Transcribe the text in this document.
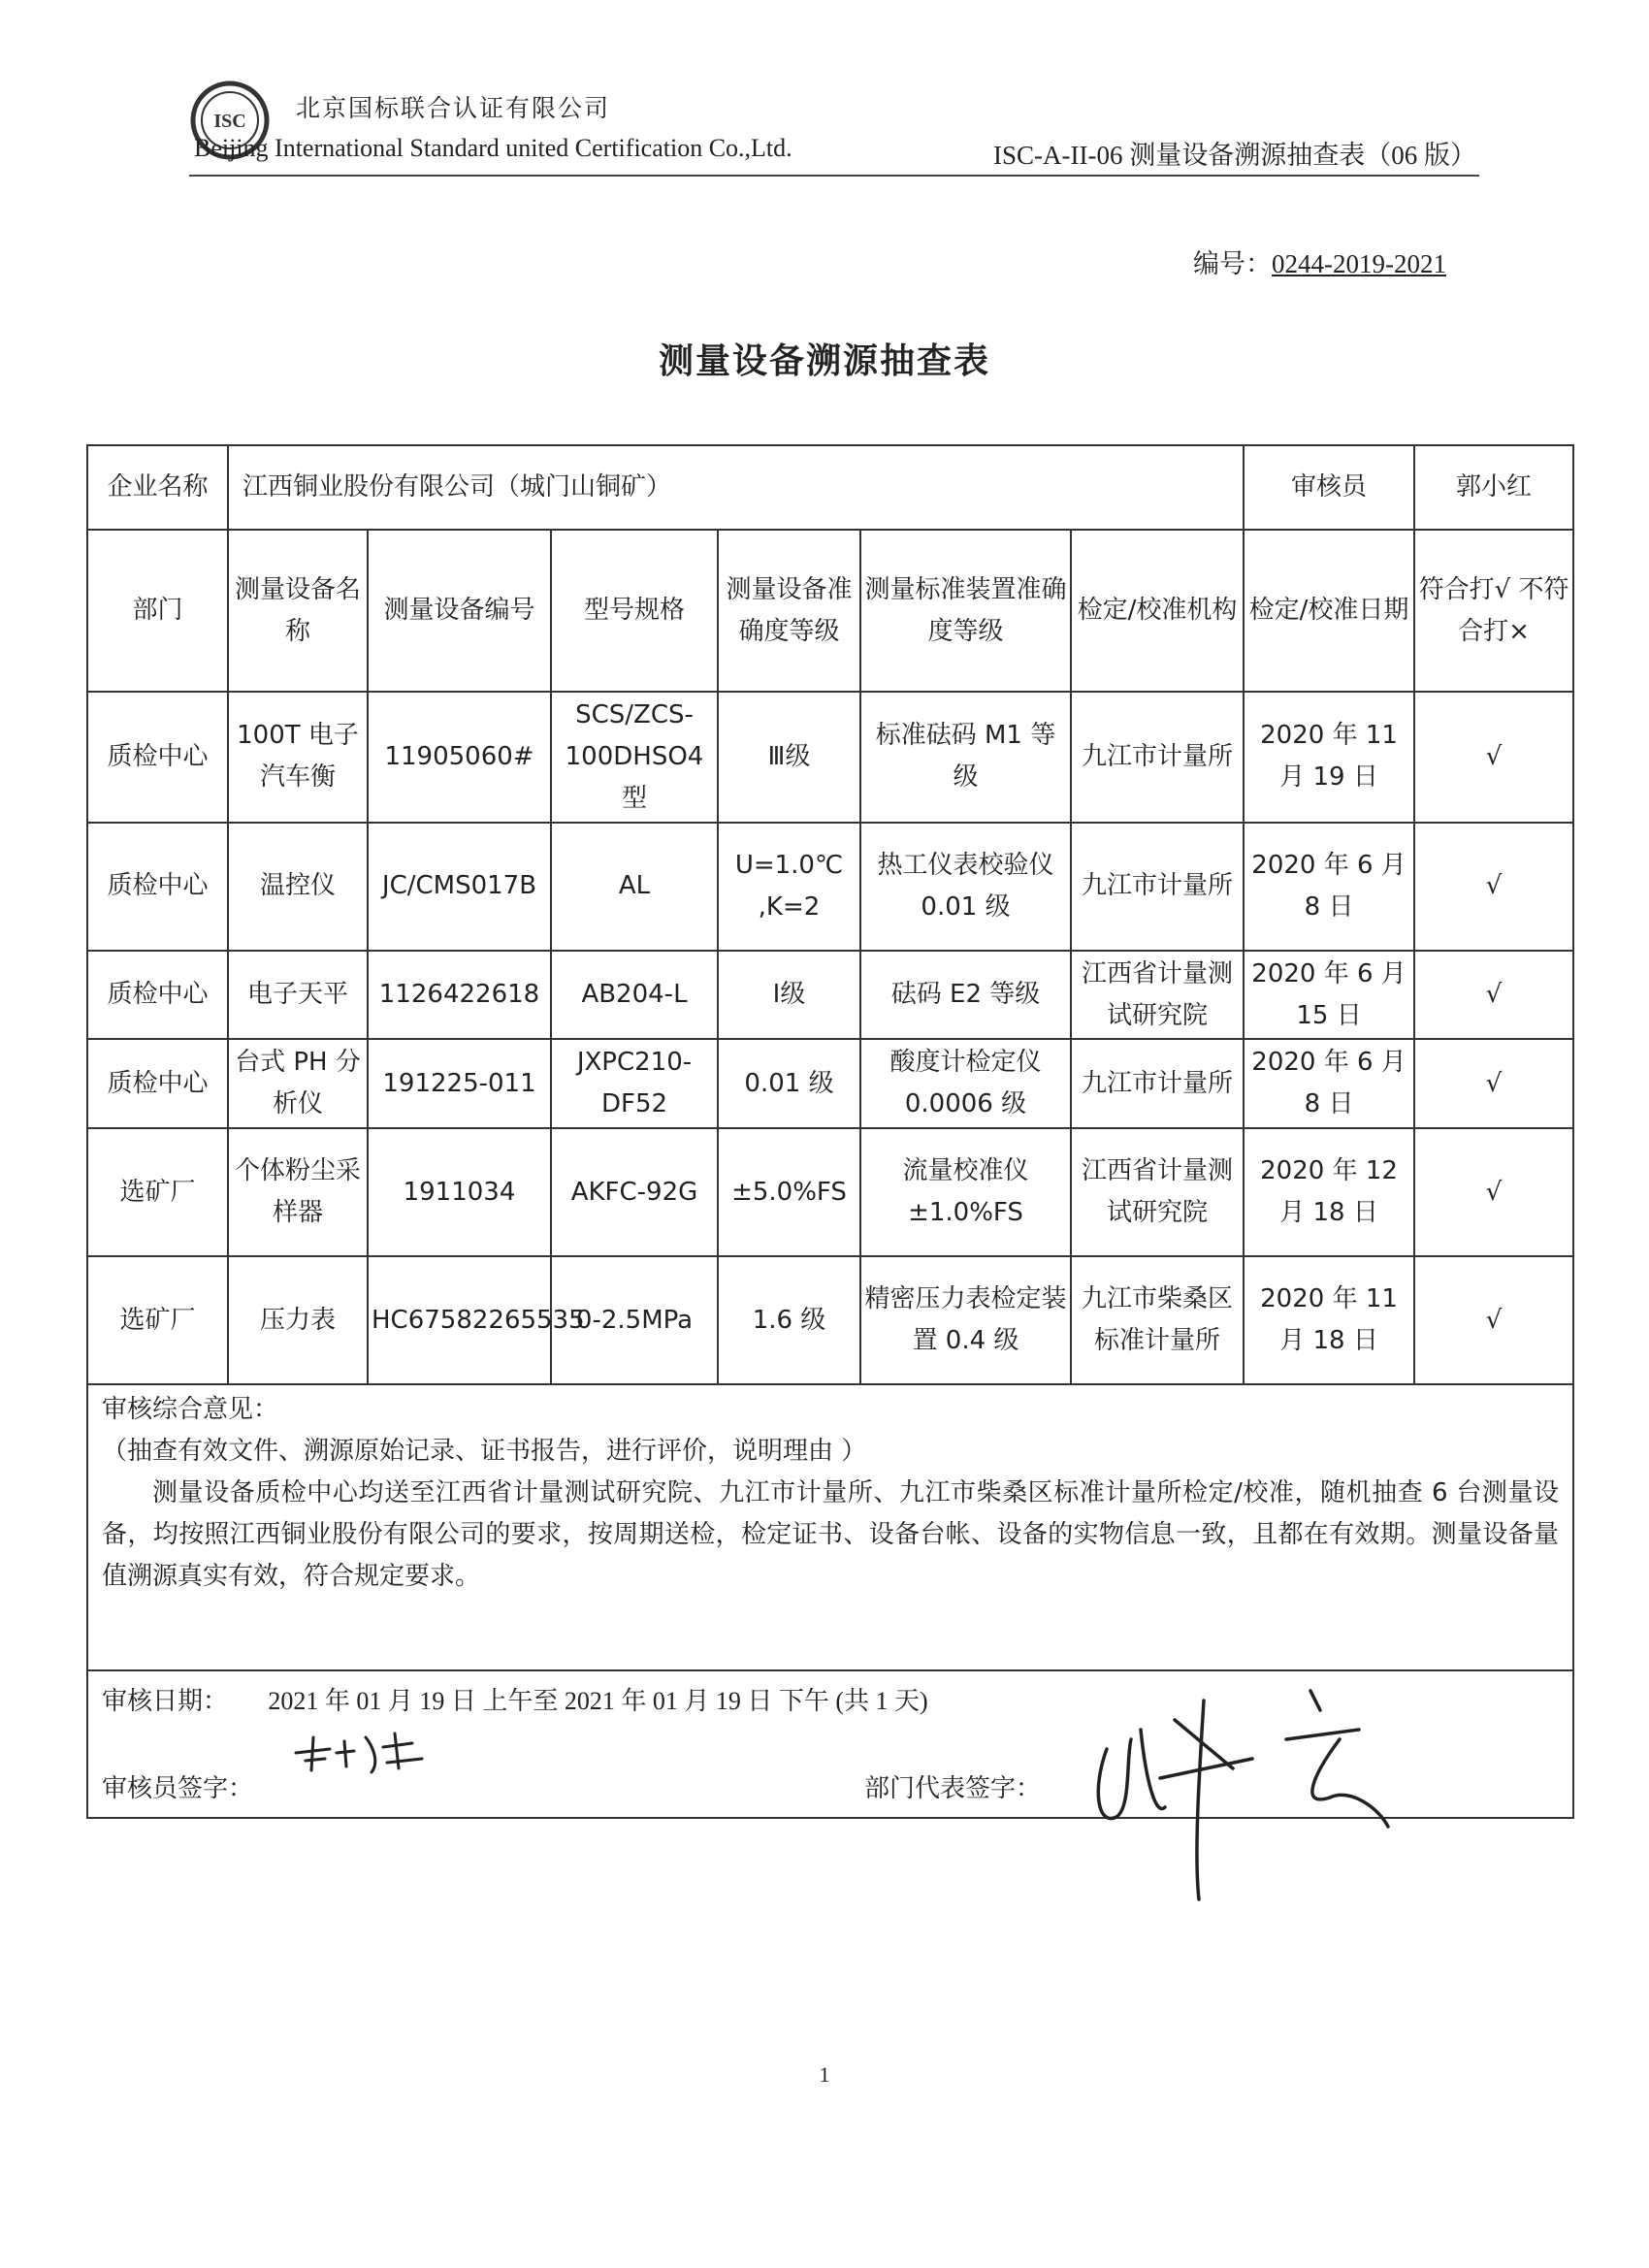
ISC 北京国标联合认证有限公司
Beijing International Standard united Certification Co.,Ltd.	ISC-A-II-06 测量设备溯源抽查表（06 版）
编号：0244-2019-2021
测量设备溯源抽查表
企业名称	江西铜业股份有限公司（城门山铜矿）						审核员	郭小红
部门	测量设备名称	测量设备编号	型号规格	测量设备准确度等级	测量标准装置准确度等级	检定/校准机构	检定/校准日期	符合打√ 不符合打×
质检中心	100T 电子汽车衡	11905060#	SCS/ZCS-100DHSO4型	Ⅲ级	标准砝码 M1 等级	九江市计量所	2020 年 11 月 19 日	√
质检中心	温控仪	JC/CMS017B	AL	U=1.0℃ ,K=2	热工仪表校验仪 0.01 级	九江市计量所	2020 年 6 月 8 日	√
质检中心	电子天平	1126422618	AB204-L	Ⅰ级	砝码 E2 等级	江西省计量测试研究院	2020 年 6 月 15 日	√
质检中心	台式 PH 分析仪	191225-011	JXPC210-DF52	0.01 级	酸度计检定仪 0.0006 级	九江市计量所	2020 年 6 月 8 日	√
选矿厂	个体粉尘采样器	1911034	AKFC-92G	±5.0%FS	流量校准仪 ±1.0%FS	江西省计量测试研究院	2020 年 12 月 18 日	√
选矿厂	压力表	HC67582265535	0-2.5MPa	1.6 级	精密压力表检定装置 0.4 级	九江市柴桑区标准计量所	2020 年 11 月 18 日	√

审核综合意见：

（抽查有效文件、溯源原始记录、证书报告，进行评价，说明理由 ）

测量设备质检中心均送至江西省计量测试研究院、九江市计量所、九江市柴桑区标准计量所检定/校准，随机抽查 6 台测量设备，均按照江西铜业股份有限公司的要求，按周期送检，检定证书、设备台帐、设备的实物信息一致，且都在有效期。测量设备量值溯源真实有效，符合规定要求。								

审核日期： 2021 年 01 月 19 日 上午至 2021 年 01 月 19 日 下午 (共 1 天)
审核员签字： 部门代表签字：								
1
